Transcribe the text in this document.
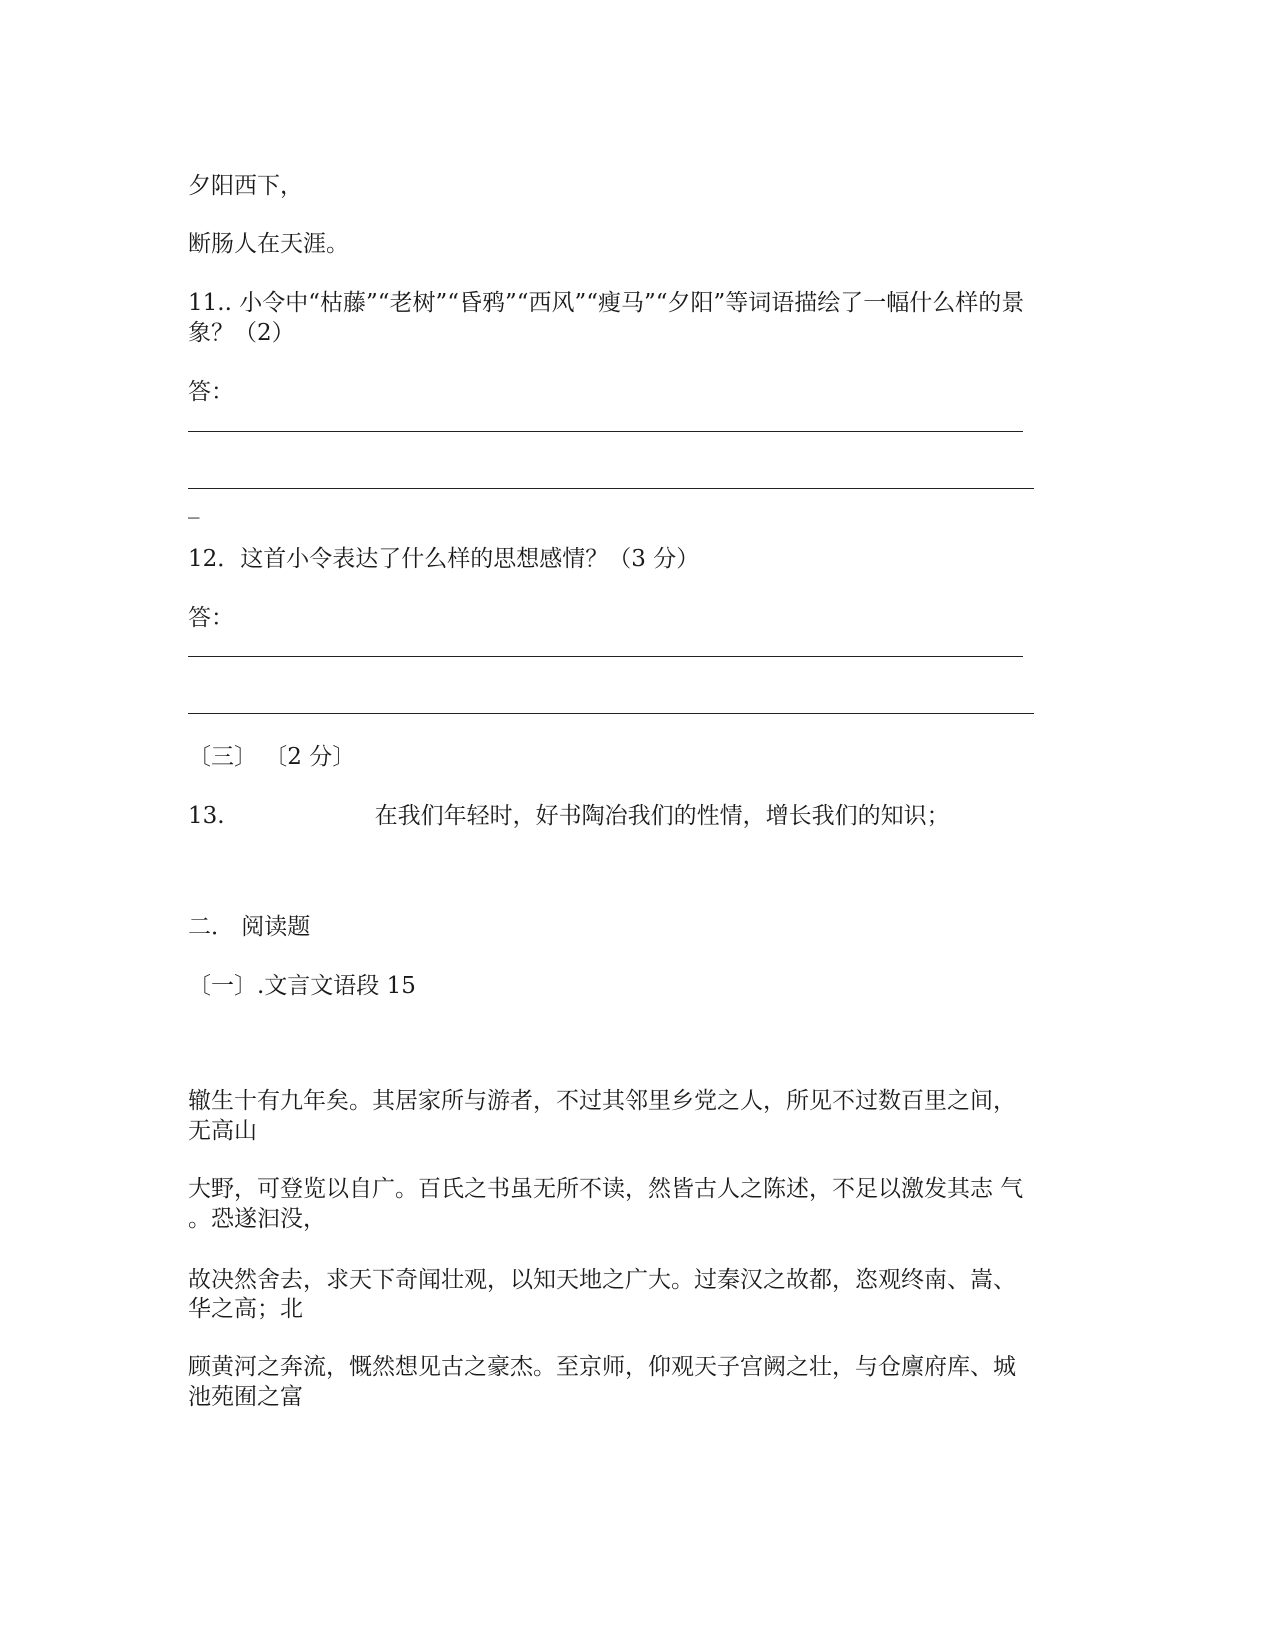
夕阳西下，
断肠人在天涯。
11.. 小令中“枯藤”“老树”“昏鸦”“西风”“瘦马”“夕阳”等词语描绘了一幅什么样的景
象？（2）
答：
_
12．这首小令表达了什么样的思想感情？（3 分）
答：
〔三〕 〔2 分〕
13.	在我们年轻时，好书陶冶我们的性情，增长我们的知识；
二． 阅读题
〔一〕.文言文语段 15
辙生十有九年矣。其居家所与游者，不过其邻里乡党之人，所见不过数百里之间，
无高山
大野，可登览以自广。百氏之书虽无所不读，然皆古人之陈述，不足以激发其志 气
。恐遂汩没，
故决然舍去，求天下奇闻壮观，以知天地之广大。过秦汉之故都，恣观终南、嵩、
华之高；北
顾黄河之奔流，慨然想见古之豪杰。至京师，仰观天子宫阙之壮，与仓廪府库、城
池苑囿之富
